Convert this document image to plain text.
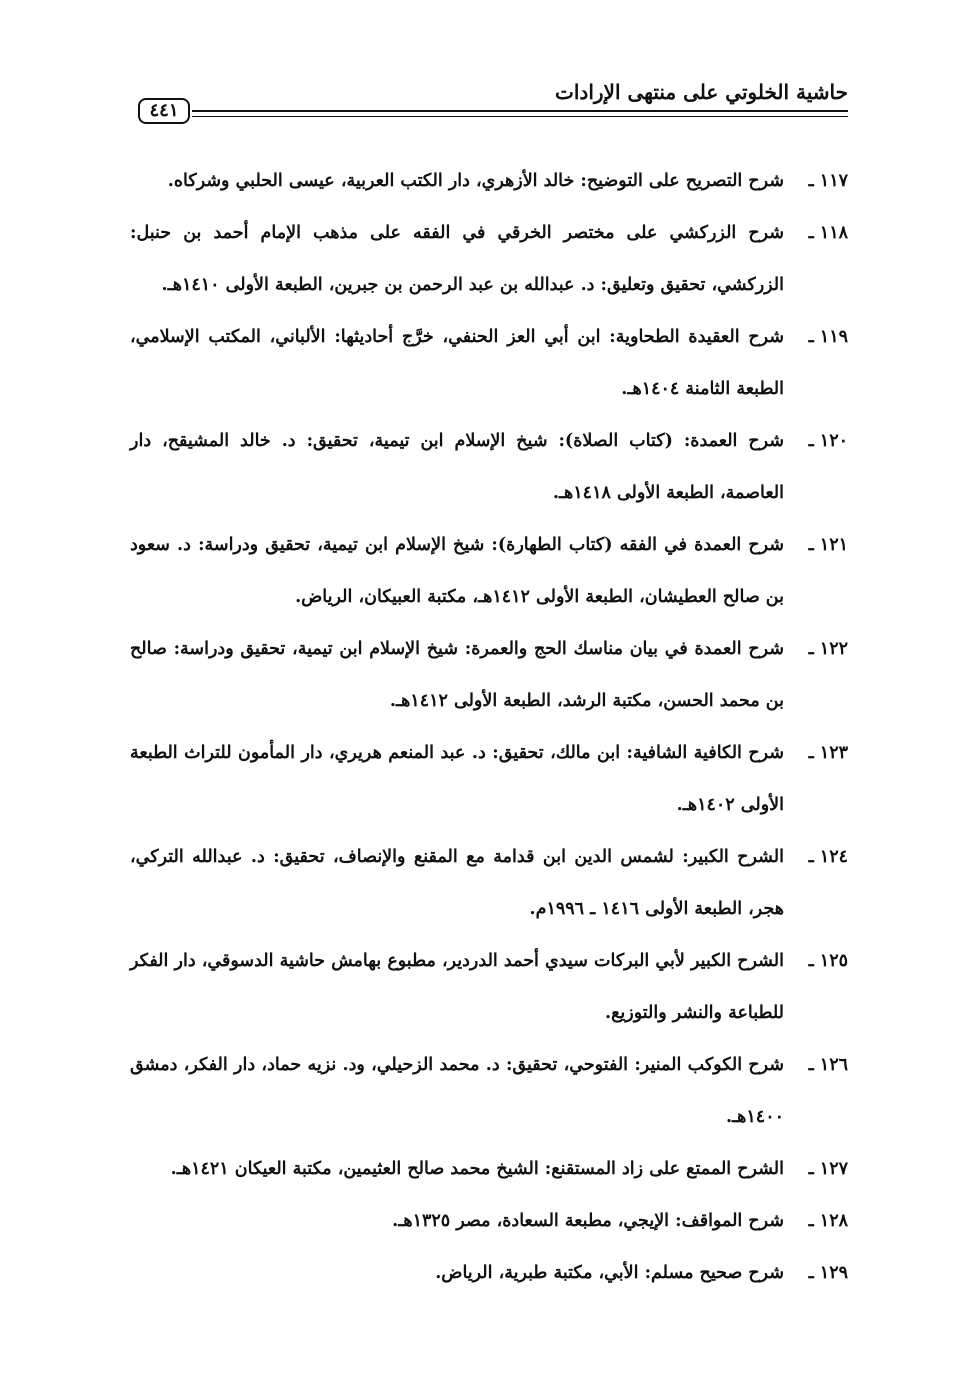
حاشية الخلوتي على منتهى الإرادات
٤٤١
١١٧ ـشرح التصريح على التوضيح: خالد الأزهري، دار الكتب العربية، عيسى الحلبي وشركاه.
١١٨ ـشرح الزركشي على مختصر الخرقي في الفقه على مذهب الإمام أحمد بن حنبل: الزركشي، تحقيق وتعليق: د. عبدالله بن عبد الرحمن بن جبرين، الطبعة الأولى ١٤١٠هـ.
١١٩ ـشرح العقيدة الطحاوية: ابن أبي العز الحنفي، خرَّج أحاديثها: الألباني، المكتب الإسلامي، الطبعة الثامنة ١٤٠٤هـ.
١٢٠ ـشرح العمدة: (كتاب الصلاة): شيخ الإسلام ابن تيمية، تحقيق: د. خالد المشيقح، دار العاصمة، الطبعة الأولى ١٤١٨هـ.
١٢١ ـشرح العمدة في الفقه (كتاب الطهارة): شيخ الإسلام ابن تيمية، تحقيق ودراسة: د. سعود بن صالح العطيشان، الطبعة الأولى ١٤١٢هـ، مكتبة العبيكان، الرياض.
١٢٢ ـشرح العمدة في بيان مناسك الحج والعمرة: شيخ الإسلام ابن تيمية، تحقيق ودراسة: صالح بن محمد الحسن، مكتبة الرشد، الطبعة الأولى ١٤١٢هـ.
١٢٣ ـشرح الكافية الشافية: ابن مالك، تحقيق: د. عبد المنعم هريري، دار المأمون للتراث الطبعة الأولى ١٤٠٢هـ.
١٢٤ ـالشرح الكبير: لشمس الدين ابن قدامة مع المقنع والإنصاف، تحقيق: د. عبدالله التركي، هجر، الطبعة الأولى ١٤١٦ ـ ١٩٩٦م.
١٢٥ ـالشرح الكبير لأبي البركات سيدي أحمد الدردير، مطبوع بهامش حاشية الدسوقي، دار الفكر للطباعة والنشر والتوزيع.
١٢٦ ـشرح الكوكب المنير: الفتوحي، تحقيق: د. محمد الزحيلي، ود. نزيه حماد، دار الفكر، دمشق ١٤٠٠هـ.
١٢٧ ـالشرح الممتع على زاد المستقنع: الشيخ محمد صالح العثيمين، مكتبة العيكان ١٤٢١هـ.
١٢٨ ـشرح المواقف: الإيجي، مطبعة السعادة، مصر ١٣٢٥هـ.
١٢٩ ـشرح صحيح مسلم: الأبي، مكتبة طبرية، الرياض.
